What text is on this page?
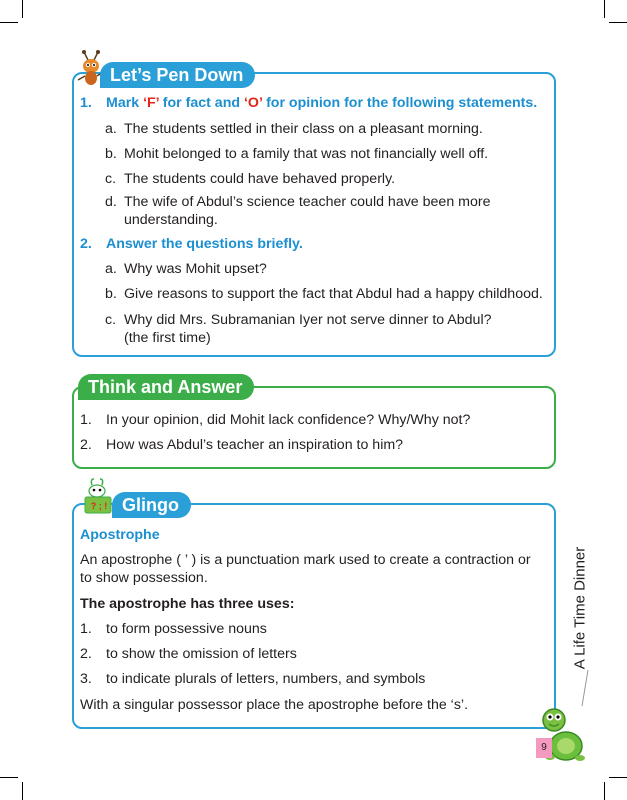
Let’s Pen Down
1. Mark ‘F’ for fact and ‘O’ for opinion for the following statements.
a. The students settled in their class on a pleasant morning.
b. Mohit belonged to a family that was not financially well off.
c. The students could have behaved properly.
d. The wife of Abdul’s science teacher could have been more
understanding.
2. Answer the questions briefly.
a. Why was Mohit upset?
b. Give reasons to support the fact that Abdul had a happy childhood.
c. Why did Mrs. Subramanian Iyer not serve dinner to Abdul?
(the first time)
Think and Answer
1. In your opinion, did Mohit lack confidence? Why/Why not?
2. How was Abdul’s teacher an inspiration to him?
? ; ! Glingo
Apostrophe
An apostrophe ( ’ ) is a punctuation mark used to create a contraction or
to show possession.
The apostrophe has three uses:
1. to form possessive nouns
2. to show the omission of letters
3. to indicate plurals of letters, numbers, and symbols
With a singular possessor place the apostrophe before the ‘s’.
A Life Time Dinner
9
